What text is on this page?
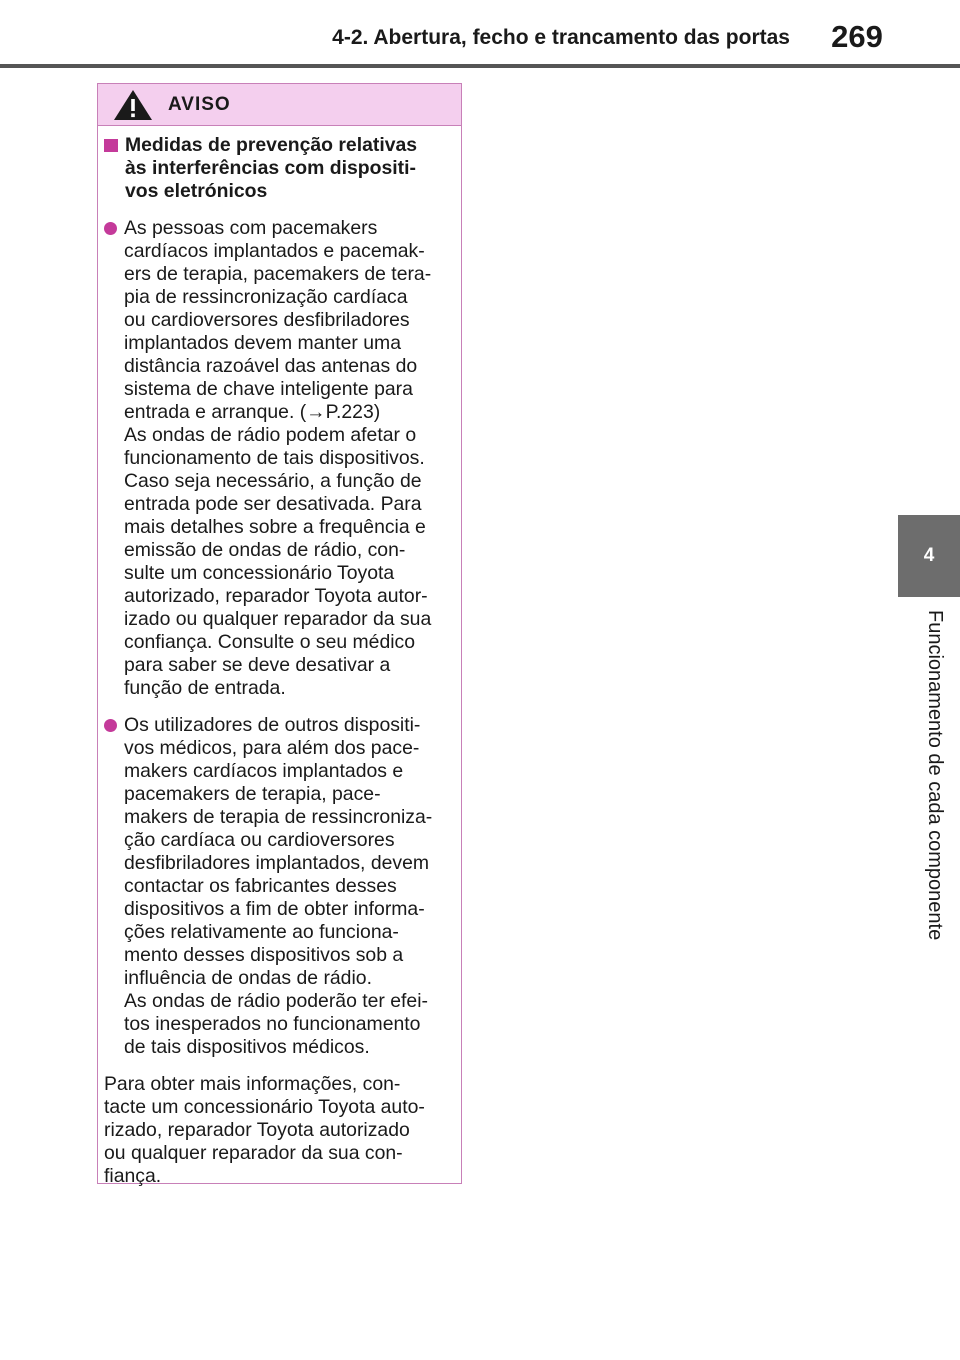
4-2. Abertura, fecho e trancamento das portas	269
4
Funcionamento de cada componente
AVISO
Medidas de prevenção relativas
às interferências com dispositi-
vos eletrónicos
As pessoas com pacemakers
cardíacos implantados e pacemak-
ers de terapia, pacemakers de tera-
pia de ressincronização cardíaca
ou cardioversores desfibriladores
implantados devem manter uma
distância razoável das antenas do
sistema de chave inteligente para
entrada e arranque. (→P.223)
As ondas de rádio podem afetar o
funcionamento de tais dispositivos.
Caso seja necessário, a função de
entrada pode ser desativada. Para
mais detalhes sobre a frequência e
emissão de ondas de rádio, con-
sulte um concessionário Toyota
autorizado, reparador Toyota autor-
izado ou qualquer reparador da sua
confiança. Consulte o seu médico
para saber se deve desativar a
função de entrada.
Os utilizadores de outros dispositi-
vos médicos, para além dos pace-
makers cardíacos implantados e
pacemakers de terapia, pace-
makers de terapia de ressincroniza-
ção cardíaca ou cardioversores
desfibriladores implantados, devem
contactar os fabricantes desses
dispositivos a fim de obter informa-
ções relativamente ao funciona-
mento desses dispositivos sob a
influência de ondas de rádio.
As ondas de rádio poderão ter efei-
tos inesperados no funcionamento
de tais dispositivos médicos.
Para obter mais informações, con-
tacte um concessionário Toyota auto-
rizado, reparador Toyota autorizado
ou qualquer reparador da sua con-
fiança.
